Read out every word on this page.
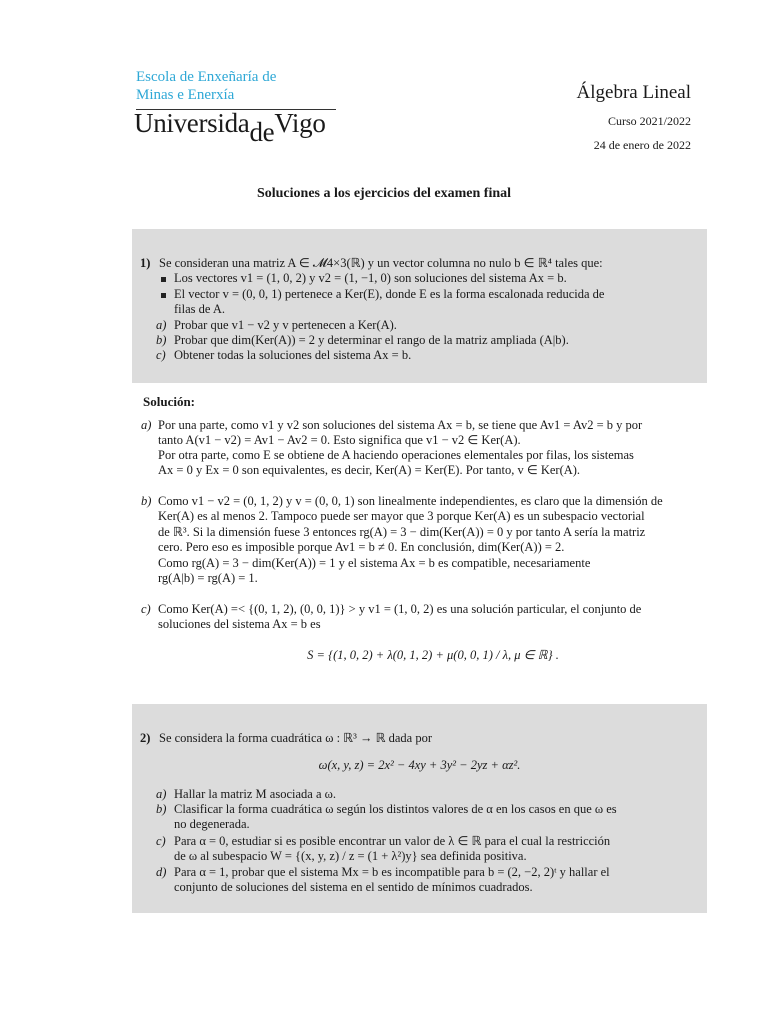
Escola de Enxeñaría de
Minas e Enerxía
UniversidadeVigo
Álgebra Lineal
Curso 2021/2022
24 de enero de 2022
Soluciones a los ejercicios del examen final
1) Se consideran una matriz A ∈ 𝓜4×3(ℝ) y un vector columna no nulo b ∈ ℝ⁴ tales que:
Los vectores v1 = (1, 0, 2) y v2 = (1, −1, 0) son soluciones del sistema Ax = b.
El vector v = (0, 0, 1) pertenece a Ker(E), donde E es la forma escalonada reducida de
filas de A.
a) Probar que v1 − v2 y v pertenecen a Ker(A).
b) Probar que dim(Ker(A)) = 2 y determinar el rango de la matriz ampliada (A|b).
c) Obtener todas la soluciones del sistema Ax = b.
Solución:
a) Por una parte, como v1 y v2 son soluciones del sistema Ax = b, se tiene que Av1 = Av2 = b y por
tanto A(v1 − v2) = Av1 − Av2 = 0. Esto significa que v1 − v2 ∈ Ker(A).
Por otra parte, como E se obtiene de A haciendo operaciones elementales por filas, los sistemas
Ax = 0 y Ex = 0 son equivalentes, es decir, Ker(A) = Ker(E). Por tanto, v ∈ Ker(A).
b) Como v1 − v2 = (0, 1, 2) y v = (0, 0, 1) son linealmente independientes, es claro que la dimensión de
Ker(A) es al menos 2. Tampoco puede ser mayor que 3 porque Ker(A) es un subespacio vectorial
de ℝ³. Si la dimensión fuese 3 entonces rg(A) = 3 − dim(Ker(A)) = 0 y por tanto A sería la matriz
cero. Pero eso es imposible porque Av1 = b ≠ 0. En conclusión, dim(Ker(A)) = 2.
Como rg(A) = 3 − dim(Ker(A)) = 1 y el sistema Ax = b es compatible, necesariamente
rg(A|b) = rg(A) = 1.
c) Como Ker(A) =< {(0, 1, 2), (0, 0, 1)} > y v1 = (1, 0, 2) es una solución particular, el conjunto de
soluciones del sistema Ax = b es
S = {(1, 0, 2) + λ(0, 1, 2) + μ(0, 0, 1) / λ, μ ∈ ℝ} .
2) Se considera la forma cuadrática ω : ℝ³ → ℝ dada por
ω(x, y, z) = 2x² − 4xy + 3y² − 2yz + αz².
a) Hallar la matriz M asociada a ω.
b) Clasificar la forma cuadrática ω según los distintos valores de α en los casos en que ω es
no degenerada.
c) Para α = 0, estudiar si es posible encontrar un valor de λ ∈ ℝ para el cual la restricción
de ω al subespacio W = {(x, y, z) / z = (1 + λ²)y} sea definida positiva.
d) Para α = 1, probar que el sistema Mx = b es incompatible para b = (2, −2, 2)ᵗ y hallar el
conjunto de soluciones del sistema en el sentido de mínimos cuadrados.
